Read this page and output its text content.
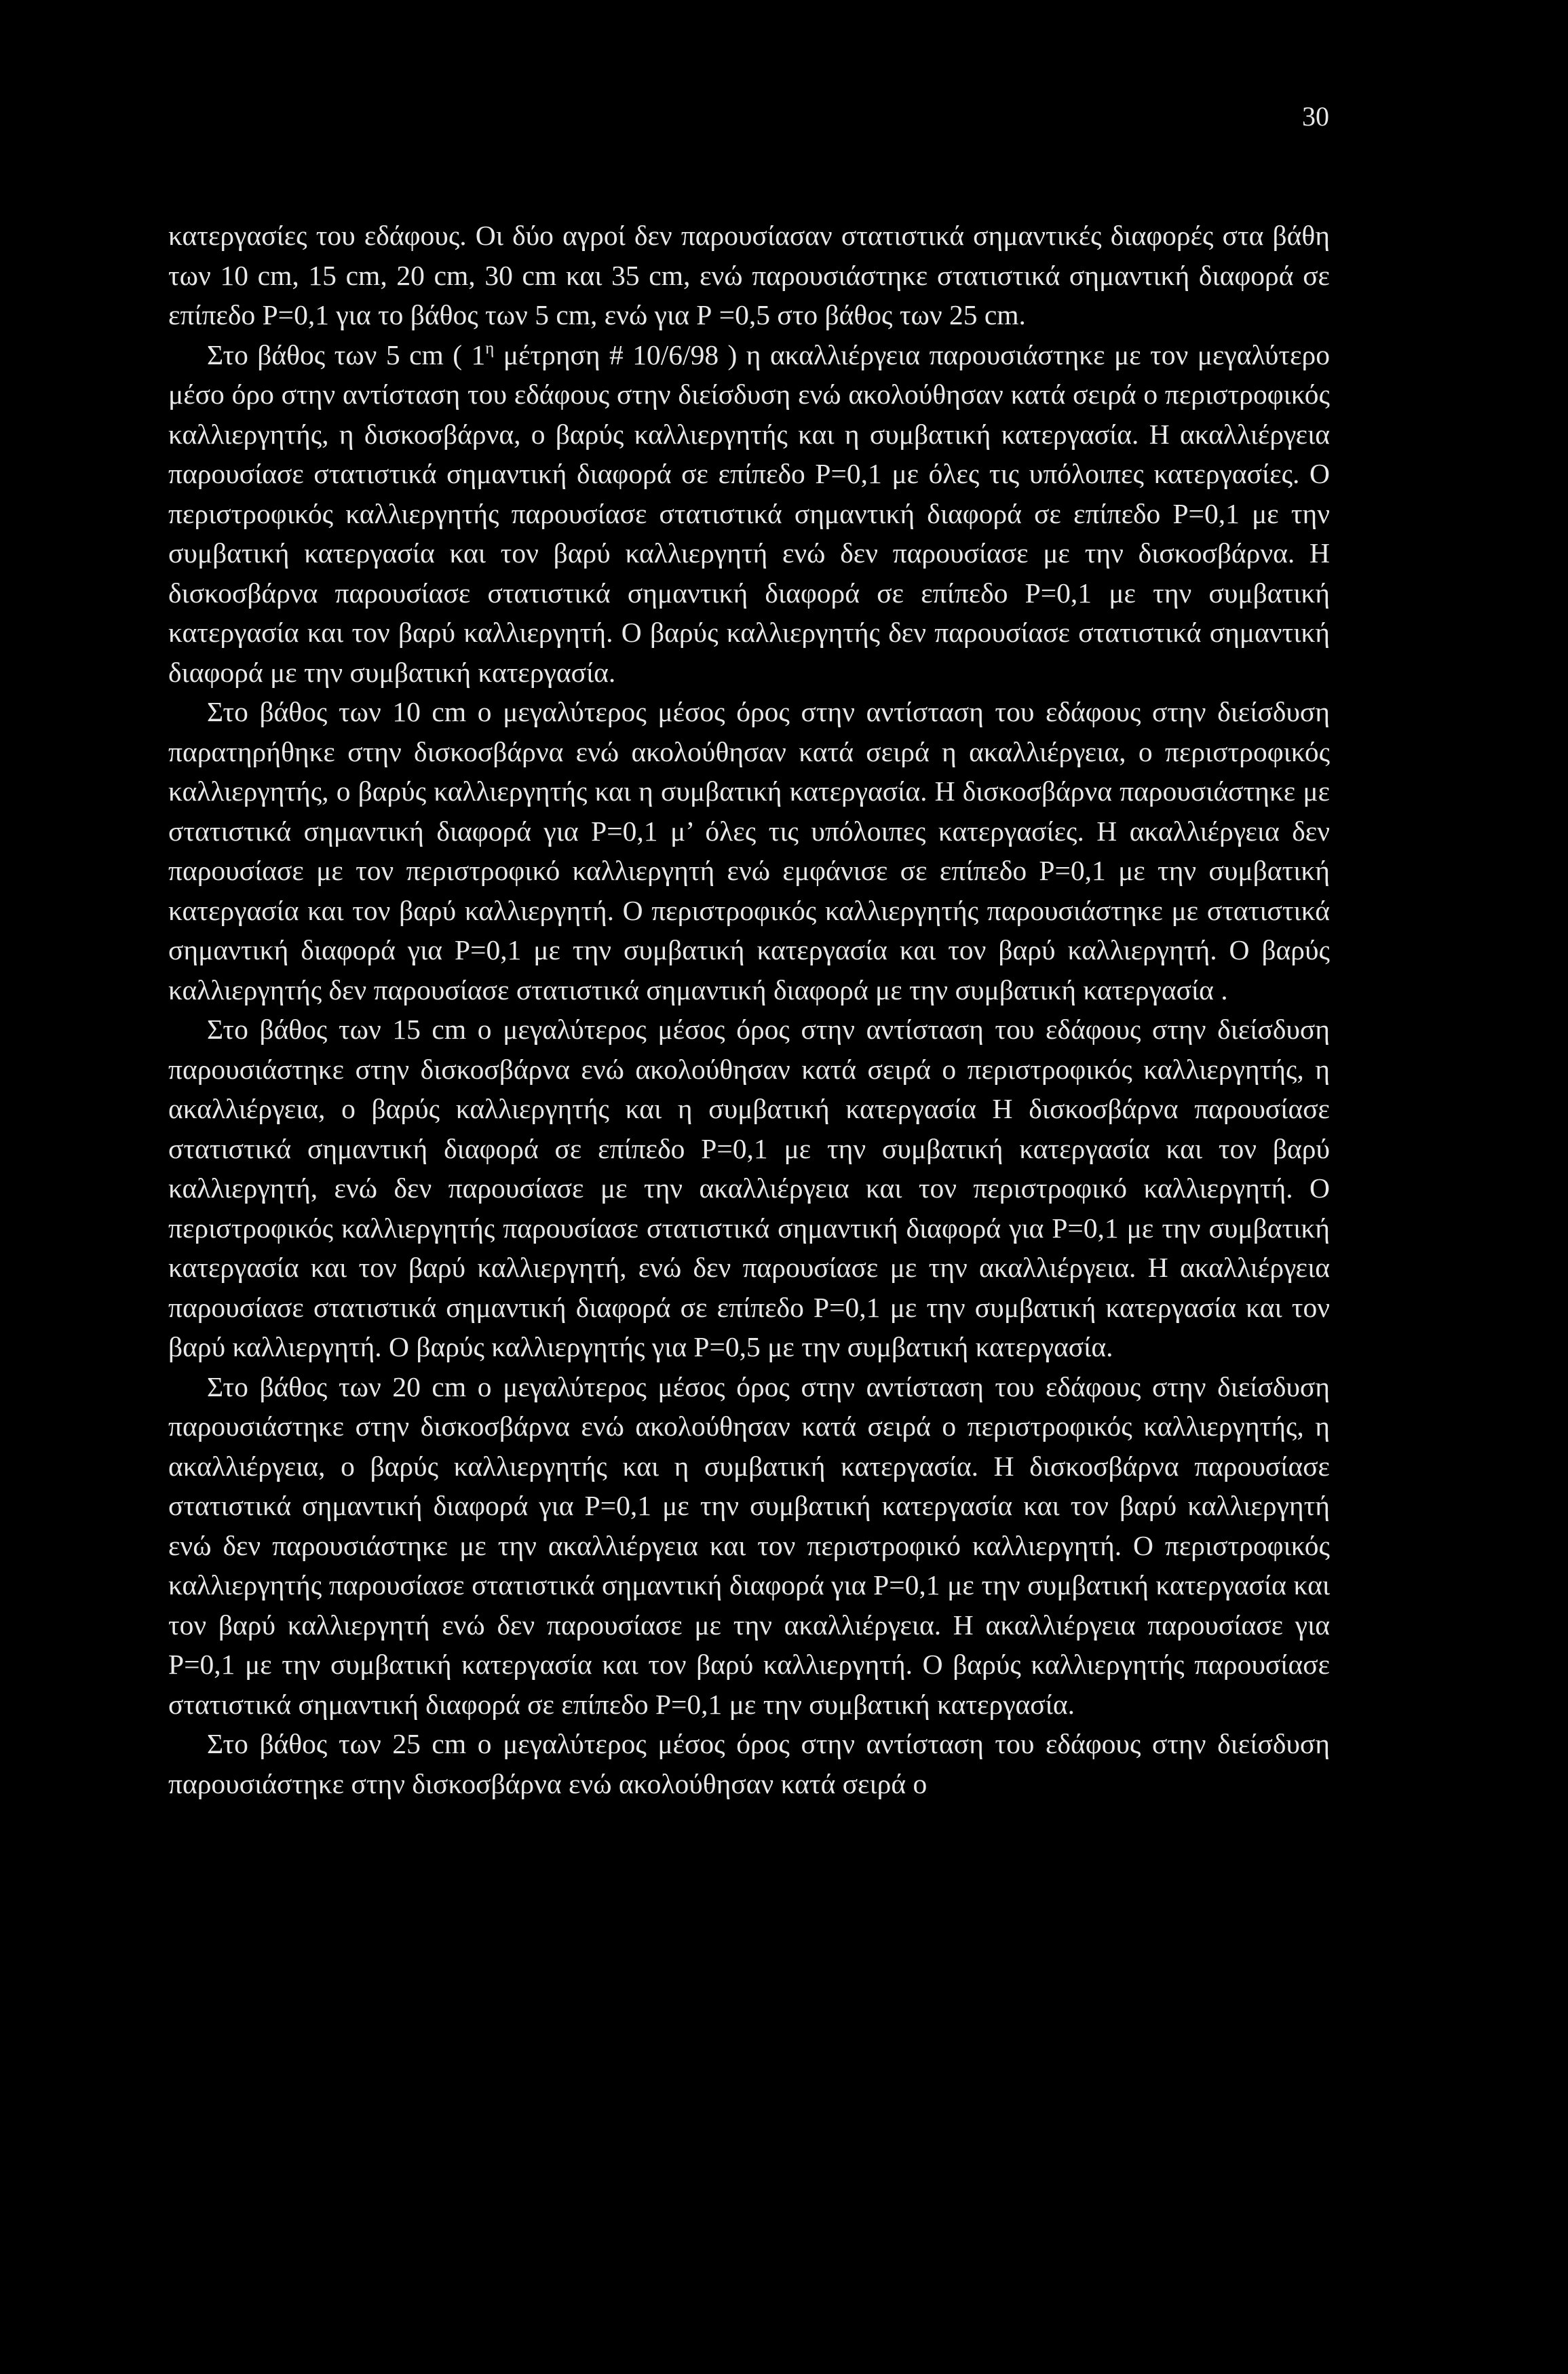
30

κατεργασίες του εδάφους. Οι δύο αγροί δεν παρουσίασαν στατιστικά σημαντικές διαφορές στα βάθη των 10 cm, 15 cm, 20 cm, 30 cm και 35 cm, ενώ παρουσιάστηκε στατιστικά σημαντική διαφορά σε επίπεδο Ρ=0,1 για το βάθος των 5 cm, ενώ για Ρ =0,5 στο βάθος των 25 cm.

Στο βάθος των 5 cm ( $1^\eta$ μέτρηση # 10/6/98 ) η ακαλλιέργεια παρουσιάστηκε με τον μεγαλύτερο μέσο όρο στην αντίσταση του εδάφους στην διείσδυση ενώ ακολούθησαν κατά σειρά ο περιστροφικός καλλιεργητής, η δισκοσβάρνα, ο βαρύς καλλιεργητής και η συμβατική κατεργασία. Η ακαλλιέργεια παρουσίασε στατιστικά σημαντική διαφορά σε επίπεδο Ρ=0,1 με όλες τις υπόλοιπες κατεργασίες. Ο περιστροφικός καλλιεργητής παρουσίασε στατιστικά σημαντική διαφορά σε επίπεδο Ρ=0,1 με την συμβατική κατεργασία και τον βαρύ καλλιεργητή ενώ δεν παρουσίασε με την δισκοσβάρνα. Η δισκοσβάρνα παρουσίασε στατιστικά σημαντική διαφορά σε επίπεδο Ρ=0,1 με την συμβατική κατεργασία και τον βαρύ καλλιεργητή. Ο βαρύς καλλιεργητής δεν παρουσίασε στατιστικά σημαντική διαφορά με την συμβατική κατεργασία.

Στο βάθος των 10 cm ο μεγαλύτερος μέσος όρος στην αντίσταση του εδάφους στην διείσδυση παρατηρήθηκε στην δισκοσβάρνα ενώ ακολούθησαν κατά σειρά η ακαλλιέργεια, ο περιστροφικός καλλιεργητής, ο βαρύς καλλιεργητής και η συμβατική κατεργασία. Η δισκοσβάρνα παρουσιάστηκε με στατιστικά σημαντική διαφορά για Ρ=0,1 μ’ όλες τις υπόλοιπες κατεργασίες. Η ακαλλιέργεια δεν παρουσίασε με τον περιστροφικό καλλιεργητή ενώ εμφάνισε σε επίπεδο Ρ=0,1 με την συμβατική κατεργασία και τον βαρύ καλλιεργητή. Ο περιστροφικός καλλιεργητής παρουσιάστηκε με στατιστικά σημαντική διαφορά για Ρ=0,1 με την συμβατική κατεργασία και τον βαρύ καλλιεργητή. Ο βαρύς καλλιεργητής δεν παρουσίασε στατιστικά σημαντική διαφορά με την συμβατική κατεργασία .

Στο βάθος των 15 cm ο μεγαλύτερος μέσος όρος στην αντίσταση του εδάφους στην διείσδυση παρουσιάστηκε στην δισκοσβάρνα ενώ ακολούθησαν κατά σειρά ο περιστροφικός καλλιεργητής, η ακαλλιέργεια, ο βαρύς καλλιεργητής και η συμβατική κατεργασία Η δισκοσβάρνα παρουσίασε στατιστικά σημαντική διαφορά σε επίπεδο Ρ=0,1 με την συμβατική κατεργασία και τον βαρύ καλλιεργητή, ενώ δεν παρουσίασε με την ακαλλιέργεια και τον περιστροφικό καλλιεργητή. Ο περιστροφικός καλλιεργητής παρουσίασε στατιστικά σημαντική διαφορά για Ρ=0,1 με την συμβατική κατεργασία και τον βαρύ καλλιεργητή, ενώ δεν παρουσίασε με την ακαλλιέργεια. Η ακαλλιέργεια παρουσίασε στατιστικά σημαντική διαφορά σε επίπεδο Ρ=0,1 με την συμβατική κατεργασία και τον βαρύ καλλιεργητή. Ο βαρύς καλλιεργητής για Ρ=0,5 με την συμβατική κατεργασία.

Στο βάθος των 20 cm ο μεγαλύτερος μέσος όρος στην αντίσταση του εδάφους στην διείσδυση παρουσιάστηκε στην δισκοσβάρνα ενώ ακολούθησαν κατά σειρά ο περιστροφικός καλλιεργητής, η ακαλλιέργεια, ο βαρύς καλλιεργητής και η συμβατική κατεργασία. Η δισκοσβάρνα παρουσίασε στατιστικά σημαντική διαφορά για Ρ=0,1 με την συμβατική κατεργασία και τον βαρύ καλλιεργητή ενώ δεν παρουσιάστηκε με την ακαλλιέργεια και τον περιστροφικό καλλιεργητή. Ο περιστροφικός καλλιεργητής παρουσίασε στατιστικά σημαντική διαφορά για Ρ=0,1 με την συμβατική κατεργασία και τον βαρύ καλλιεργητή ενώ δεν παρουσίασε με την ακαλλιέργεια. Η ακαλλιέργεια παρουσίασε για Ρ=0,1 με την συμβατική κατεργασία και τον βαρύ καλλιεργητή. Ο βαρύς καλλιεργητής παρουσίασε στατιστικά σημαντική διαφορά σε επίπεδο Ρ=0,1 με την συμβατική κατεργασία.

Στο βάθος των 25 cm ο μεγαλύτερος μέσος όρος στην αντίσταση του εδάφους στην διείσδυση παρουσιάστηκε στην δισκοσβάρνα ενώ ακολούθησαν κατά σειρά ο
